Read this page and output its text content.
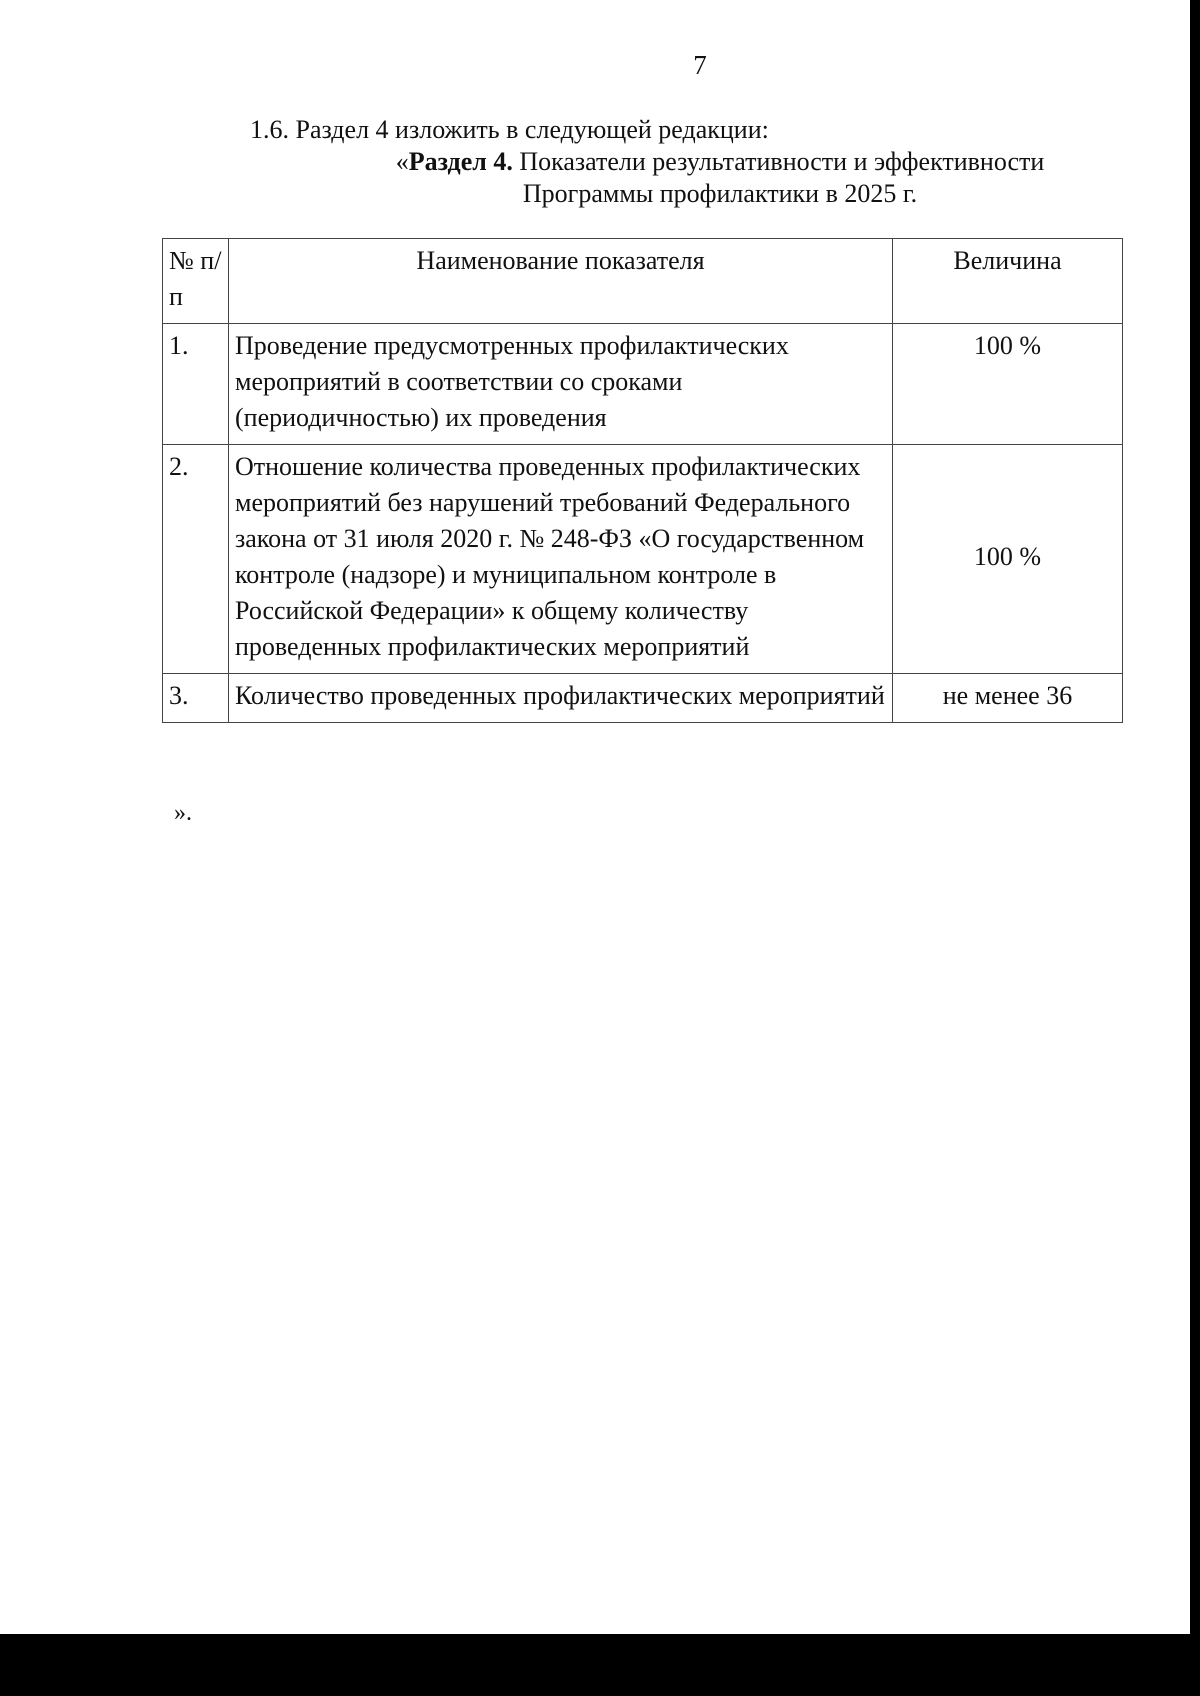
7
1.6. Раздел 4 изложить в следующей редакции:
«Раздел 4. Показатели результативности и эффективности
Программы профилактики в 2025 г.
№ п/п	Наименование показателя	Величина
1.	Проведение предусмотренных профилактических мероприятий в соответствии со сроками (периодичностью) их проведения	100 %
2.	Отношение количества проведенных профилактических мероприятий без нарушений требований Федерального закона от 31 июля 2020 г. № 248-ФЗ «О государственном контроле (надзоре) и муниципальном контроле в Российской Федерации» к общему количеству проведенных профилактических мероприятий	100 %
3.	Количество проведенных профилактических мероприятий	не менее 36
».
